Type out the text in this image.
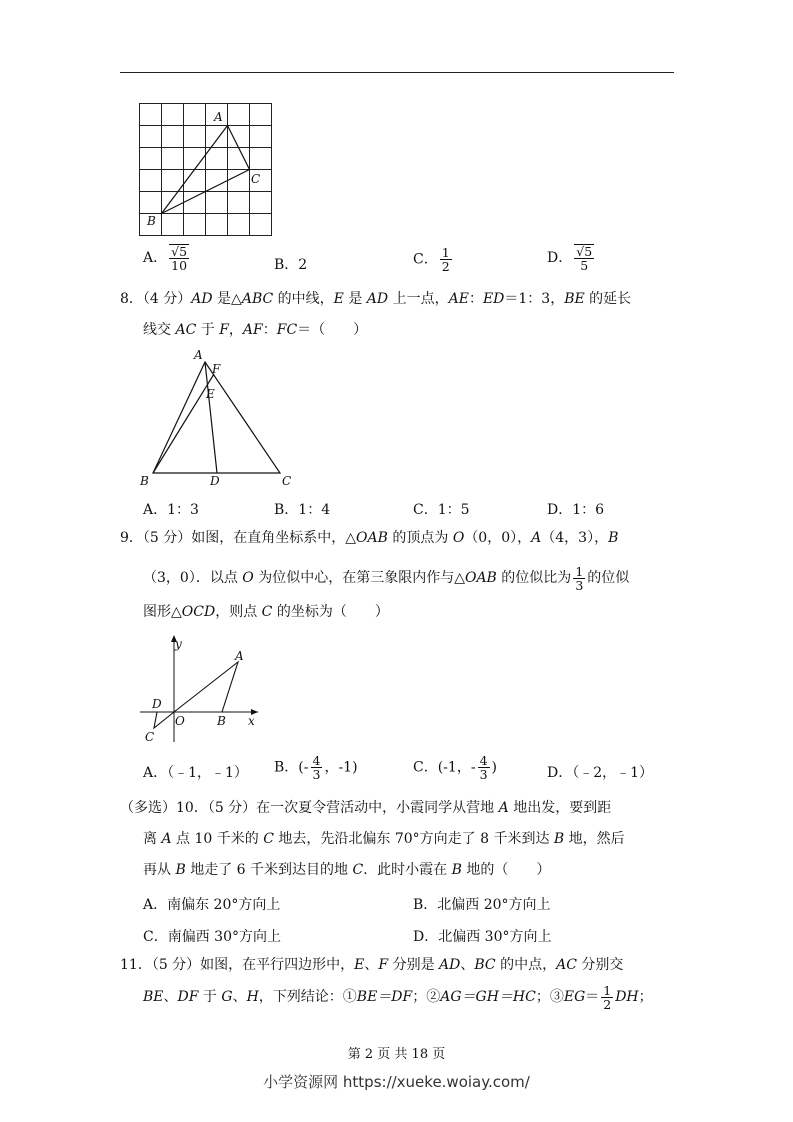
A
C
B
A． $\frac{√5}{10}$	B．2	C． $\frac{1}{2}$	D． $\frac{√5}{5}$
8．（4 分）AD 是△ABC 的中线，E 是 AD 上一点，AE：ED＝1：3，BE 的延长
线交 AC 于 F，AF：FC＝（　　）
A
F
E
B	D	C
A．1：3	B．1：4	C．1：5	D．1：6
9．（5 分）如图，在直角坐标系中，△OAB 的顶点为 O（0，0），A（4，3），B
（3，0）．以点 O 为位似中心，在第三象限内作与△OAB 的位似比为 $\frac{1}{3}$ 的位似
图形△OCD，则点 C 的坐标为（　　）
y
A
D
O	B x
C
A．（﹣1，﹣1） B．(- $\frac{4}{3}$ ，-1)	C．(-1，- $\frac{4}{3}$ )	D．（﹣2，﹣1）
（多选）10．（5 分）在一次夏令营活动中，小霞同学从营地 A 地出发，要到距
离 A 点 10 千米的 C 地去，先沿北偏东 70°方向走了 8 千米到达 B 地，然后
再从 B 地走了 6 千米到达目的地 C．此时小霞在 B 地的（　　）
A．南偏东 20°方向上	B．北偏西 20°方向上
C．南偏西 30°方向上	D．北偏西 30°方向上
11．（5 分）如图，在平行四边形中，E、F 分别是 AD、BC 的中点，AC 分别交
BE、DF 于 G、H，下列结论：①BE＝DF；②AG＝GH＝HC；③EG＝ $\frac{1}{2}$ DH；
第 2 页 共 18 页
小学资源网 https://xueke.woiay.com/
